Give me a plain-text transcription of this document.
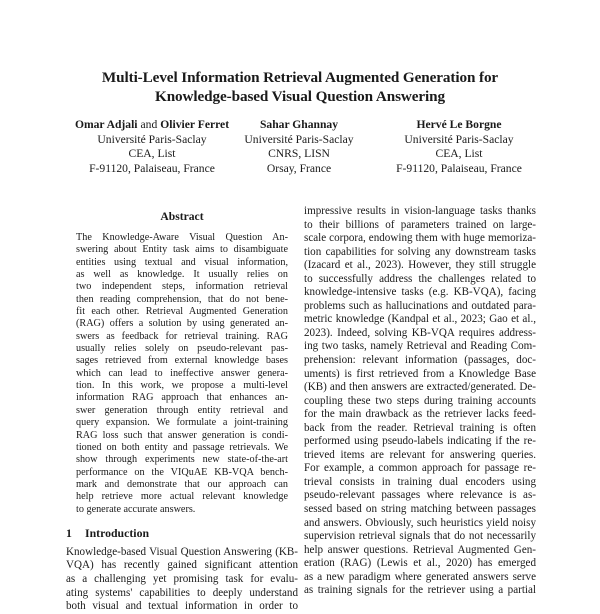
Multi-Level Information Retrieval Augmented Generation for
Knowledge-based Visual Question Answering
Omar Adjali and Olivier Ferret
Université Paris-Saclay
CEA, List
F-91120, Palaiseau, France
Sahar Ghannay
Université Paris-Saclay
CNRS, LISN
Orsay, France
Hervé Le Borgne
Université Paris-Saclay
CEA, List
F-91120, Palaiseau, France
Abstract
The Knowledge-Aware Visual Question An-
swering about Entity task aims to disambiguate
entities using textual and visual information,
as well as knowledge. It usually relies on
two independent steps, information retrieval
then reading comprehension, that do not bene-
fit each other. Retrieval Augmented Generation
(RAG) offers a solution by using generated an-
swers as feedback for retrieval training. RAG
usually relies solely on pseudo-relevant pas-
sages retrieved from external knowledge bases
which can lead to ineffective answer genera-
tion. In this work, we propose a multi-level
information RAG approach that enhances an-
swer generation through entity retrieval and
query expansion. We formulate a joint-training
RAG loss such that answer generation is condi-
tioned on both entity and passage retrievals. We
show through experiments new state-of-the-art
performance on the VIQuAE KB-VQA bench-
mark and demonstrate that our approach can
help retrieve more actual relevant knowledge
to generate accurate answers.
1 Introduction
Knowledge-based Visual Question Answering (KB-
VQA) has recently gained significant attention
as a challenging yet promising task for evalu-
ating systems' capabilities to deeply understand
both visual and textual information in order to
impressive results in vision-language tasks thanks
to their billions of parameters trained on large-
scale corpora, endowing them with huge memoriza-
tion capabilities for solving any downstream tasks
(Izacard et al., 2023). However, they still struggle
to successfully address the challenges related to
knowledge-intensive tasks (e.g. KB-VQA), facing
problems such as hallucinations and outdated para-
metric knowledge (Kandpal et al., 2023; Gao et al.,
2023). Indeed, solving KB-VQA requires address-
ing two tasks, namely Retrieval and Reading Com-
prehension: relevant information (passages, doc-
uments) is first retrieved from a Knowledge Base
(KB) and then answers are extracted/generated. De-
coupling these two steps during training accounts
for the main drawback as the retriever lacks feed-
back from the reader. Retrieval training is often
performed using pseudo-labels indicating if the re-
trieved items are relevant for answering queries.
For example, a common approach for passage re-
trieval consists in training dual encoders using
pseudo-relevant passages where relevance is as-
sessed based on string matching between passages
and answers. Obviously, such heuristics yield noisy
supervision retrieval signals that do not necessarily
help answer questions. Retrieval Augmented Gen-
eration (RAG) (Lewis et al., 2020) has emerged
as a new paradigm where generated answers serve
as training signals for the retriever using a partial
